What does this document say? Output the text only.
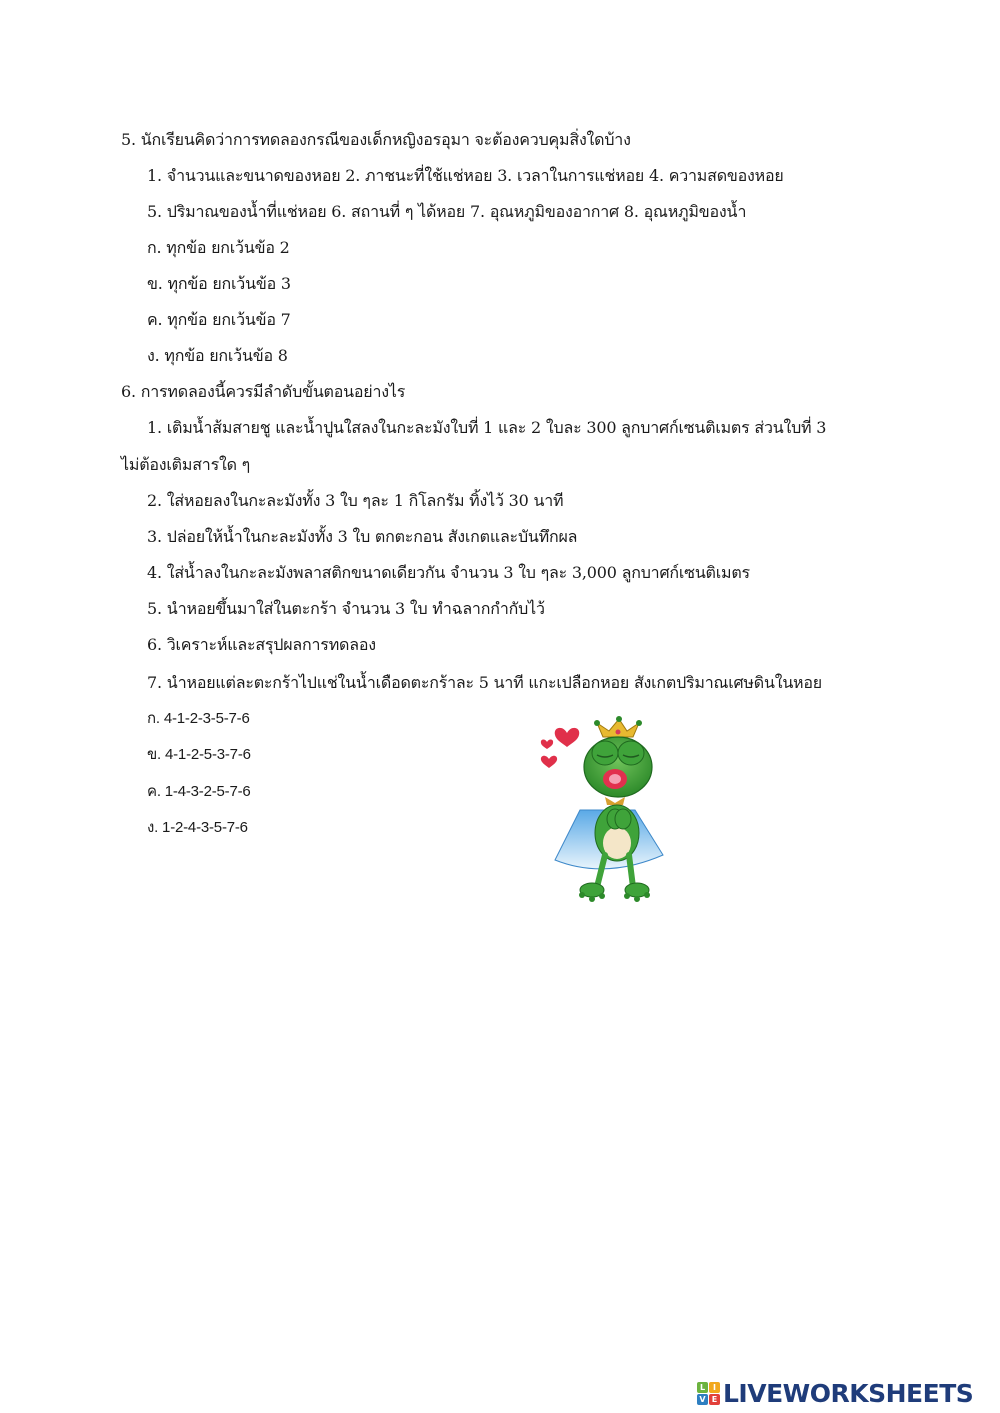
5. นักเรียนคิดว่าการทดลองกรณีของเด็กหญิงอรอุมา จะต้องควบคุมสิ่งใดบ้าง
1. จำนวนและขนาดของหอย 2. ภาชนะที่ใช้แช่หอย 3. เวลาในการแช่หอย 4. ความสดของหอย
5. ปริมาณของน้ำที่แช่หอย 6. สถานที่ ๆ ได้หอย 7. อุณหภูมิของอากาศ 8. อุณหภูมิของน้ำ
ก. ทุกข้อ ยกเว้นข้อ 2
ข. ทุกข้อ ยกเว้นข้อ 3
ค. ทุกข้อ ยกเว้นข้อ 7
ง. ทุกข้อ ยกเว้นข้อ 8
6. การทดลองนี้ควรมีลำดับขั้นตอนอย่างไร
1. เติมน้ำส้มสายชู และน้ำปูนใสลงในกะละมังใบที่ 1 และ 2 ใบละ 300 ลูกบาศก์เซนติเมตร ส่วนใบที่ 3
ไม่ต้องเติมสารใด ๆ
2. ใส่หอยลงในกะละมังทั้ง 3 ใบ ๆละ 1 กิโลกรัม ทิ้งไว้ 30 นาที
3. ปล่อยให้น้ำในกะละมังทั้ง 3 ใบ ตกตะกอน สังเกตและบันทึกผล
4. ใส่น้ำลงในกะละมังพลาสติกขนาดเดียวกัน จำนวน 3 ใบ ๆละ 3,000 ลูกบาศก์เซนติเมตร
5. นำหอยขึ้นมาใส่ในตะกร้า จำนวน 3 ใบ ทำฉลากกำกับไว้
6. วิเคราะห์และสรุปผลการทดลอง
7. นำหอยแต่ละตะกร้าไปแช่ในน้ำเดือดตะกร้าละ 5 นาที แกะเปลือกหอย สังเกตปริมาณเศษดินในหอย
ก. 4-1-2-3-5-7-6
ข. 4-1-2-5-3-7-6
ค. 1-4-3-2-5-7-6
ง. 1-2-4-3-5-7-6
L I
V E LIVEWORKSHEETS
